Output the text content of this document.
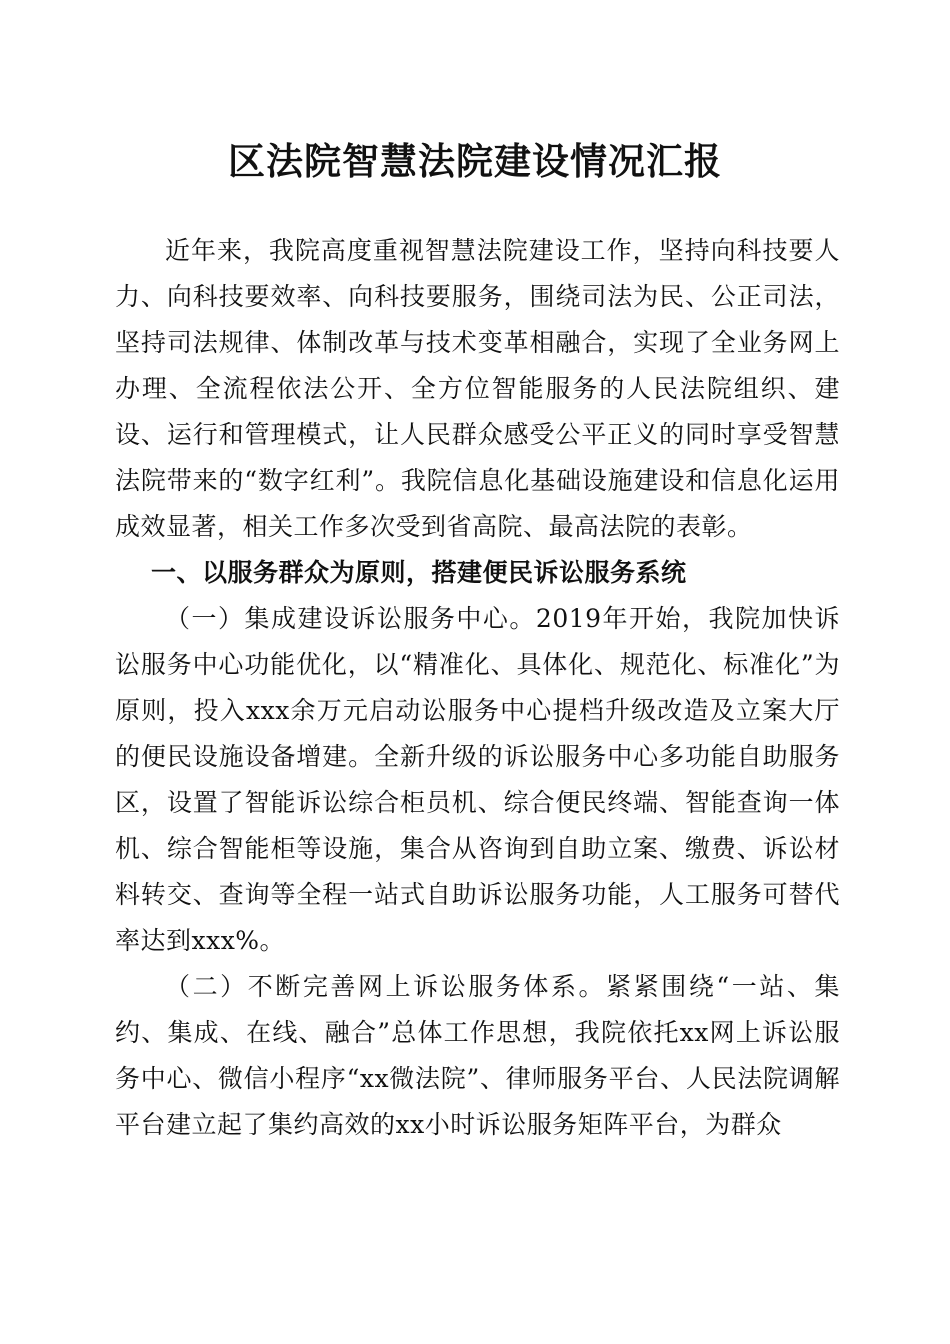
区法院智慧法院建设情况汇报

近年来，我院高度重视智慧法院建设工作，坚持向科技要人力、向科技要效率、向科技要服务，围绕司法为民、公正司法，坚持司法规律、体制改革与技术变革相融合，实现了全业务网上办理、全流程依法公开、全方位智能服务的人民法院组织、建设、运行和管理模式，让人民群众感受公平正义的同时享受智慧法院带来的“数字红利”。我院信息化基础设施建设和信息化运用成效显著，相关工作多次受到省高院、最高法院的表彰。

一、以服务群众为原则，搭建便民诉讼服务系统

（一）集成建设诉讼服务中心。2019年开始，我院加快诉讼服务中心功能优化，以“精准化、具体化、规范化、标准化”为原则，投入xxx余万元启动讼服务中心提档升级改造及立案大厅的便民设施设备增建。全新升级的诉讼服务中心多功能自助服务区，设置了智能诉讼综合柜员机、综合便民终端、智能查询一体机、综合智能柜等设施，集合从咨询到自助立案、缴费、诉讼材料转交、查询等全程一站式自助诉讼服务功能，人工服务可替代率达到xxx%。

（二）不断完善网上诉讼服务体系。紧紧围绕“一站、集约、集成、在线、融合”总体工作思想，我院依托xx网上诉讼服务中心、微信小程序“xx微法院”、律师服务平台、人民法院调解平台建立起了集约高效的xx小时诉讼服务矩阵平台，为群众
